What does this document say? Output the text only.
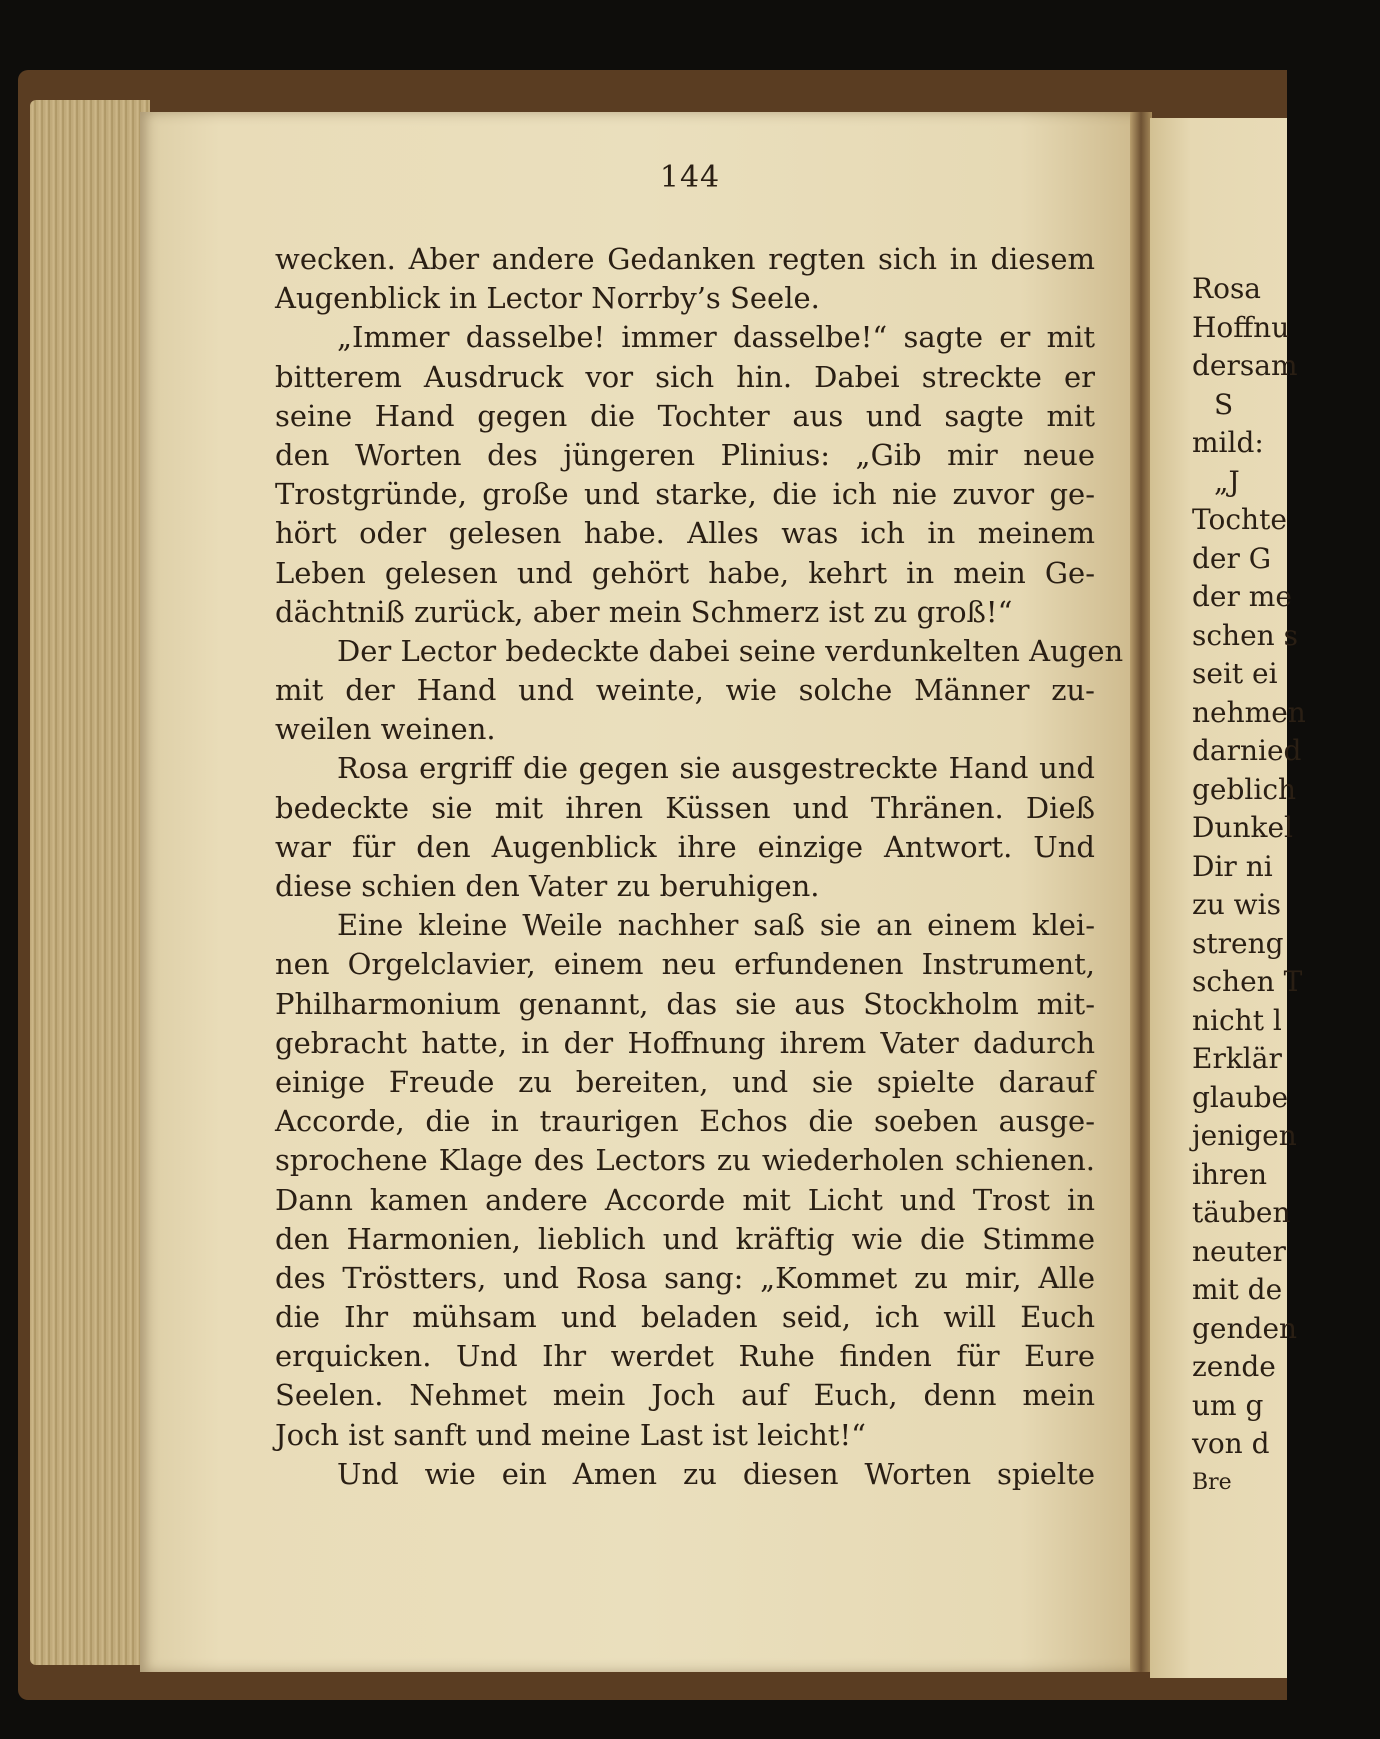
144
wecken. Aber andere Gedanken regten sich in diesem
Augenblick in Lector Norrby’s Seele.
„Immer dasselbe! immer dasselbe!“ sagte er mit
bitterem Ausdruck vor sich hin. Dabei streckte er
seine Hand gegen die Tochter aus und sagte mit
den Worten des jüngeren Plinius: „Gib mir neue
Trostgründe, große und starke, die ich nie zuvor ge-
hört oder gelesen habe. Alles was ich in meinem
Leben gelesen und gehört habe, kehrt in mein Ge-
dächtniß zurück, aber mein Schmerz ist zu groß!“
Der Lector bedeckte dabei seine verdunkelten Augen
mit der Hand und weinte, wie solche Männer zu-
weilen weinen.
Rosa ergriff die gegen sie ausgestreckte Hand und
bedeckte sie mit ihren Küssen und Thränen. Dieß
war für den Augenblick ihre einzige Antwort. Und
diese schien den Vater zu beruhigen.
Eine kleine Weile nachher saß sie an einem klei-
nen Orgelclavier, einem neu erfundenen Instrument,
Philharmonium genannt, das sie aus Stockholm mit-
gebracht hatte, in der Hoffnung ihrem Vater dadurch
einige Freude zu bereiten, und sie spielte darauf
Accorde, die in traurigen Echos die soeben ausge-
sprochene Klage des Lectors zu wiederholen schienen.
Dann kamen andere Accorde mit Licht und Trost in
den Harmonien, lieblich und kräftig wie die Stimme
des Tröstters, und Rosa sang: „Kommet zu mir, Alle
die Ihr mühsam und beladen seid, ich will Euch
erquicken. Und Ihr werdet Ruhe finden für Eure
Seelen. Nehmet mein Joch auf Euch, denn mein
Joch ist sanft und meine Last ist leicht!“
Und wie ein Amen zu diesen Worten spielte
Rosa
Hoffnu
dersam
S
mild:
„J
Tochte
der G
der me
schen s
seit ei
nehmen
darnied
geblich
Dunkel
Dir ni
zu wis
streng
schen T
nicht l
Erklär
glaube
jenigen
ihren
täuben
neuter
mit de
genden
zende
um g
von d
Bre
